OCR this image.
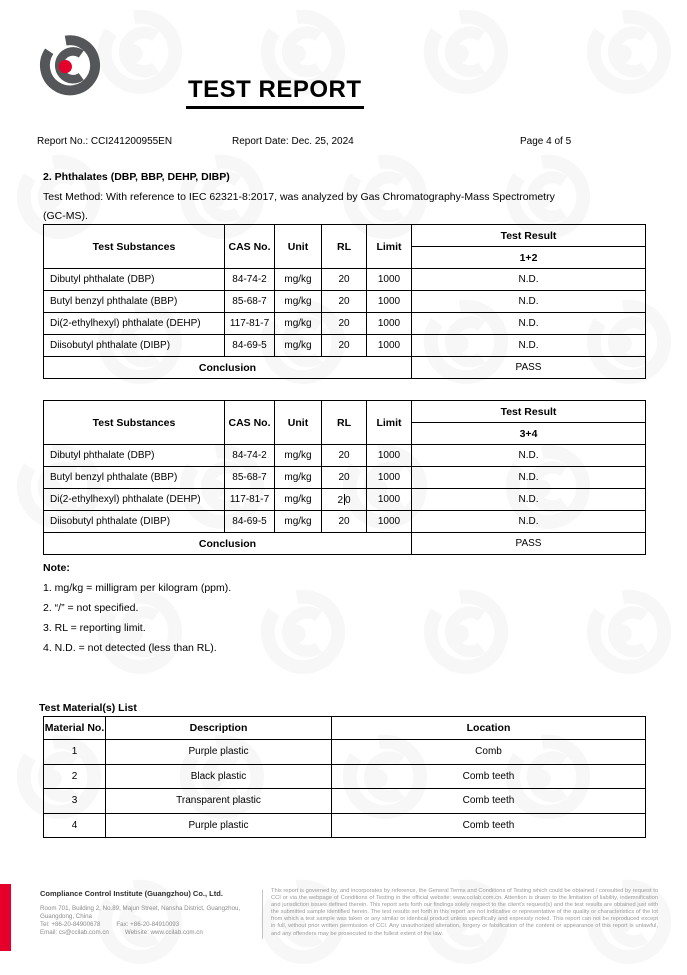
TEST REPORT
Report No.: CCI241200955EN	Report Date: Dec. 25, 2024	Page 4 of 5
2. Phthalates (DBP, BBP, DEHP, DIBP)
Test Method: With reference to IEC 62321-8:2017, was analyzed by Gas Chromatography-Mass Spectrometry
(GC-MS).
Test Substances	CAS No.	Unit	RL	Limit	Test Result
					1+2
Dibutyl phthalate (DBP)	84-74-2	mg/kg	20	1000	N.D.
Butyl benzyl phthalate (BBP)	85-68-7	mg/kg	20	1000	N.D.
Di(2-ethylhexyl) phthalate (DEHP)	117-81-7	mg/kg	20	1000	N.D.
Diisobutyl phthalate (DIBP)	84-69-5	mg/kg	20	1000	N.D.
Conclusion					PASS
Test Substances	CAS No.	Unit	RL	Limit	Test Result
					3+4
Dibutyl phthalate (DBP)	84-74-2	mg/kg	20	1000	N.D.
Butyl benzyl phthalate (BBP)	85-68-7	mg/kg	20	1000	N.D.
Di(2-ethylhexyl) phthalate (DEHP)	117-81-7	mg/kg	2 0	1000	N.D.
Diisobutyl phthalate (DIBP)	84-69-5	mg/kg	20	1000	N.D.
Conclusion					PASS
Note:
1. mg/kg = milligram per kilogram (ppm).
2. “/” = not specified.
3. RL = reporting limit.
4. N.D. = not detected (less than RL).
Test Material(s) List
Material No.	Description	Location
1	Purple plastic	Comb
2	Black plastic	Comb teeth
3	Transparent plastic	Comb teeth
4	Purple plastic	Comb teeth
Compliance Control Institute (Guangzhou) Co., Ltd.
Room 701, Building 2, No.89, Majun Street, Nansha District, Guangzhou,
Guangdong, China
Tel: +86-20-84900678	Fax: +86-20-84910093
Email: cs@ccilab.com.cn	Website: www.ccilab.com.cn
This report is governed by, and incorporates by reference, the General Terms and Conditions of Testing which could be obtained / consulted by request to CCI or via the webpage of Conditions of Testing in the official website: www.ccilab.com.cn. Attention is drawn to the limitation of liability, indemnification and jurisdiction issues defined therein. This report sets forth our findings solely respect to the client's request(s) and the test results are obtained just with the submitted sample identified herein. The test results set forth in this report are not indicative or representative of the quality or characteristics of the lot from which a test sample was taken or any similar or identical product unless specifically and expressly noted. This report can not be reproduced except in full, without prior written permission of CCI. Any unauthorized alteration, forgery or falsification of the content or appearance of this report is unlawful, and any offenders may be prosecuted to the fullest extent of the law.
